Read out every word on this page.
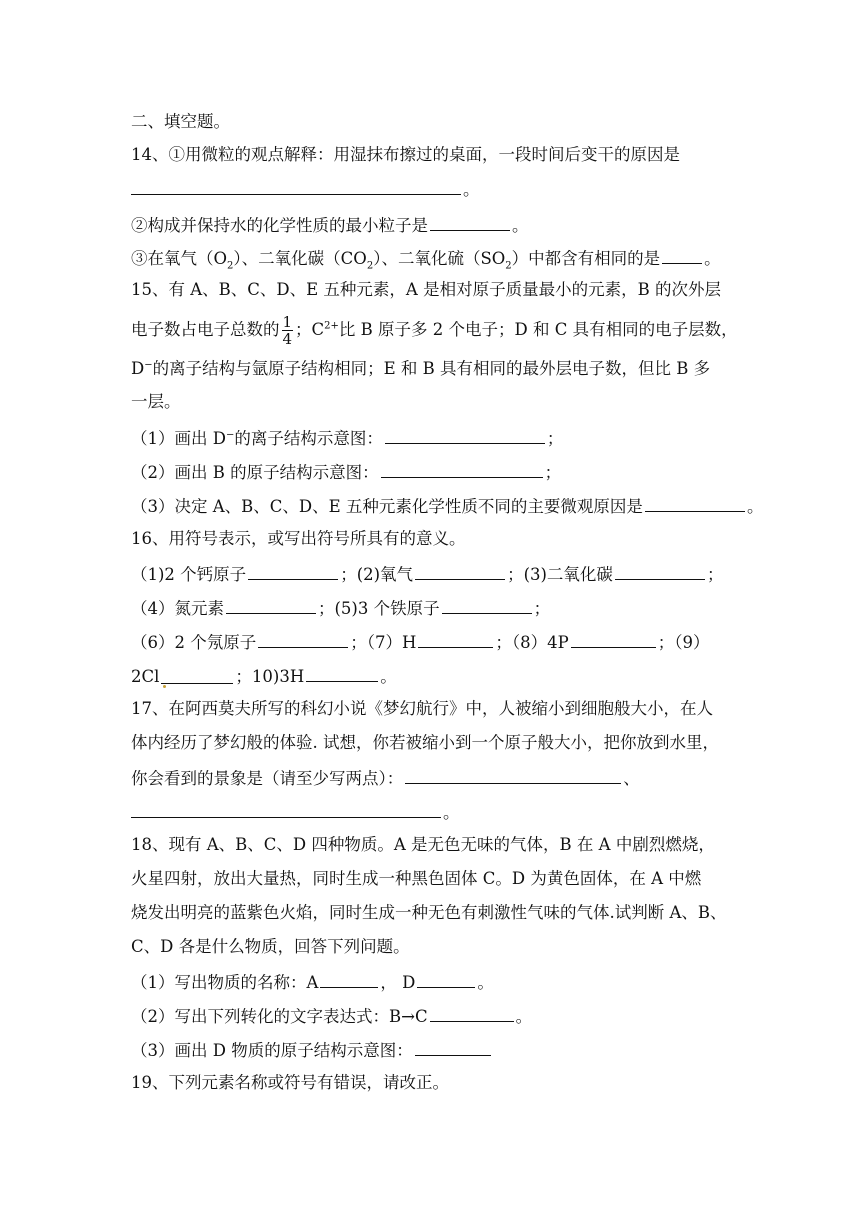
二、填空题。
14、①用微粒的观点解释：用湿抹布擦过的桌面，一段时间后变干的原因是
。
②构成并保持水的化学性质的最小粒子是	。
③在氧气$(O_2)$、二氧化碳$(CO_2)$、二氧化硫$(SO_2)$中都含有相同的是	。
15、有 A、B、C、D、E 五种元素，A 是相对原子质量最小的元素，B 的次外层
电子数占电子总数的 $\frac{1}{4}$ ；$C^{2+}$比 B 原子多 2 个电子；D 和 C 具有相同的电子层数，
D−的离子结构与氩原子结构相同；E 和 B 具有相同的最外层电子数，但比 B 多
一层。
（1）画出 D−的离子结构示意图：	；
（2）画出 B 的原子结构示意图：	；
（3）决定 A、B、C、D、E 五种元素化学性质不同的主要微观原因是	。
16、用符号表示，或写出符号所具有的意义。
（1)2 个钙原子	；(2)氧气	；(3)二氧化碳	；
（4）氮元素	；(5)3 个铁原子	；
（6）2 个氖原子	；（7）H	；（8）4P	；（9）
2Cl	；10)3H	。
17、在阿西莫夫所写的科幻小说《梦幻航行》中，人被缩小到细胞般大小，在人
体内经历了梦幻般的体验. 试想，你若被缩小到一个原子般大小，把你放到水里，
你会看到的景象是（请至少写两点）：	、
。
18、现有 A、B、C、D 四种物质。A 是无色无味的气体，B 在 A 中剧烈燃烧，
火星四射，放出大量热，同时生成一种黑色固体 C。D 为黄色固体，在 A 中燃
烧发出明亮的蓝紫色火焰，同时生成一种无色有刺激性气味的气体.试判断 A、B、
C、D 各是什么物质，回答下列问题。
（1）写出物质的名称：A	， D	。
（2）写出下列转化的文字表达式：B→C	。
（3）画出 D 物质的原子结构示意图：
19、下列元素名称或符号有错误，请改正。
